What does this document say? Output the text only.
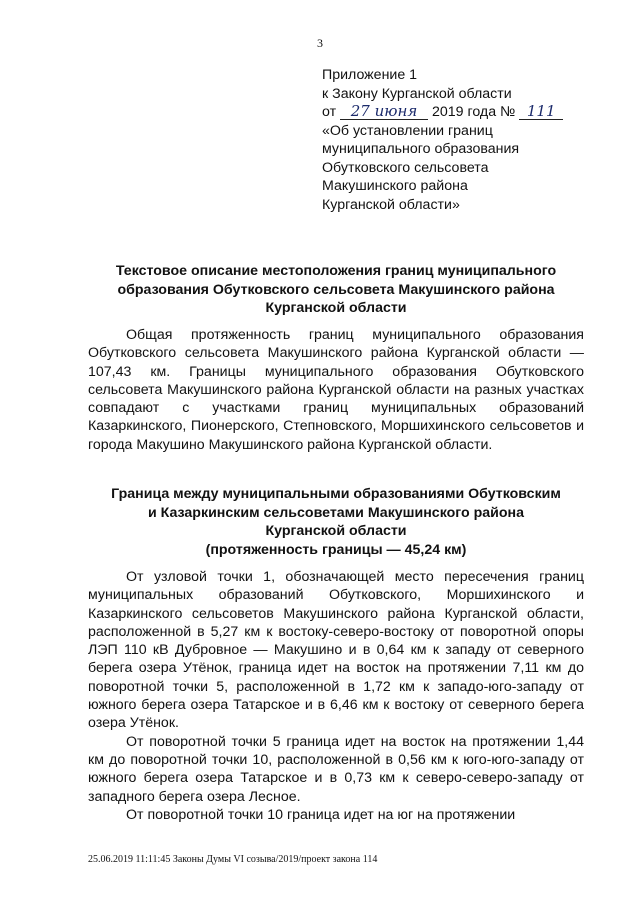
3
Приложение 1
к Закону Курганской области
от 27 июня 2019 года № 111
«Об установлении границ
муниципального образования
Обутковского сельсовета
Макушинского района
Курганской области»
Текстовое описание местоположения границ муниципального
образования Обутковского сельсовета Макушинского района
Курганской области

Общая протяженность границ муниципального образования Обутковского сельсовета Макушинского района Курганской области — 107,43 км. Границы муниципального образования Обутковского сельсовета Макушинского района Курганской области на разных участках совпадают с участками границ муниципальных образований Казаркинского, Пионерского, Степновского, Моршихинского сельсоветов и города Макушино Макушинского района Курганской области.

Граница между муниципальными образованиями Обутковским
и Казаркинским сельсоветами Макушинского района
Курганской области
(протяженность границы — 45,24 км)

От узловой точки 1, обозначающей место пересечения границ муниципальных образований Обутковского, Моршихинского и Казаркинского сельсоветов Макушинского района Курганской области, расположенной в 5,27 км к востоку-северо-востоку от поворотной опоры ЛЭП 110 кВ Дубровное — Макушино и в 0,64 км к западу от северного берега озера Утёнок, граница идет на восток на протяжении 7,11 км до поворотной точки 5, расположенной в 1,72 км к западо-юго-западу от южного берега озера Татарское и в 6,46 км к востоку от северного берега озера Утёнок.

От поворотной точки 5 граница идет на восток на протяжении 1,44 км до поворотной точки 10, расположенной в 0,56 км к юго-юго-западу от южного берега озера Татарское и в 0,73 км к северо-северо-западу от западного берега озера Лесное.

От поворотной точки 10 граница идет на юг на протяжении

25.06.2019 11:11:45 Законы Думы VI созыва/2019/проект закона 114
